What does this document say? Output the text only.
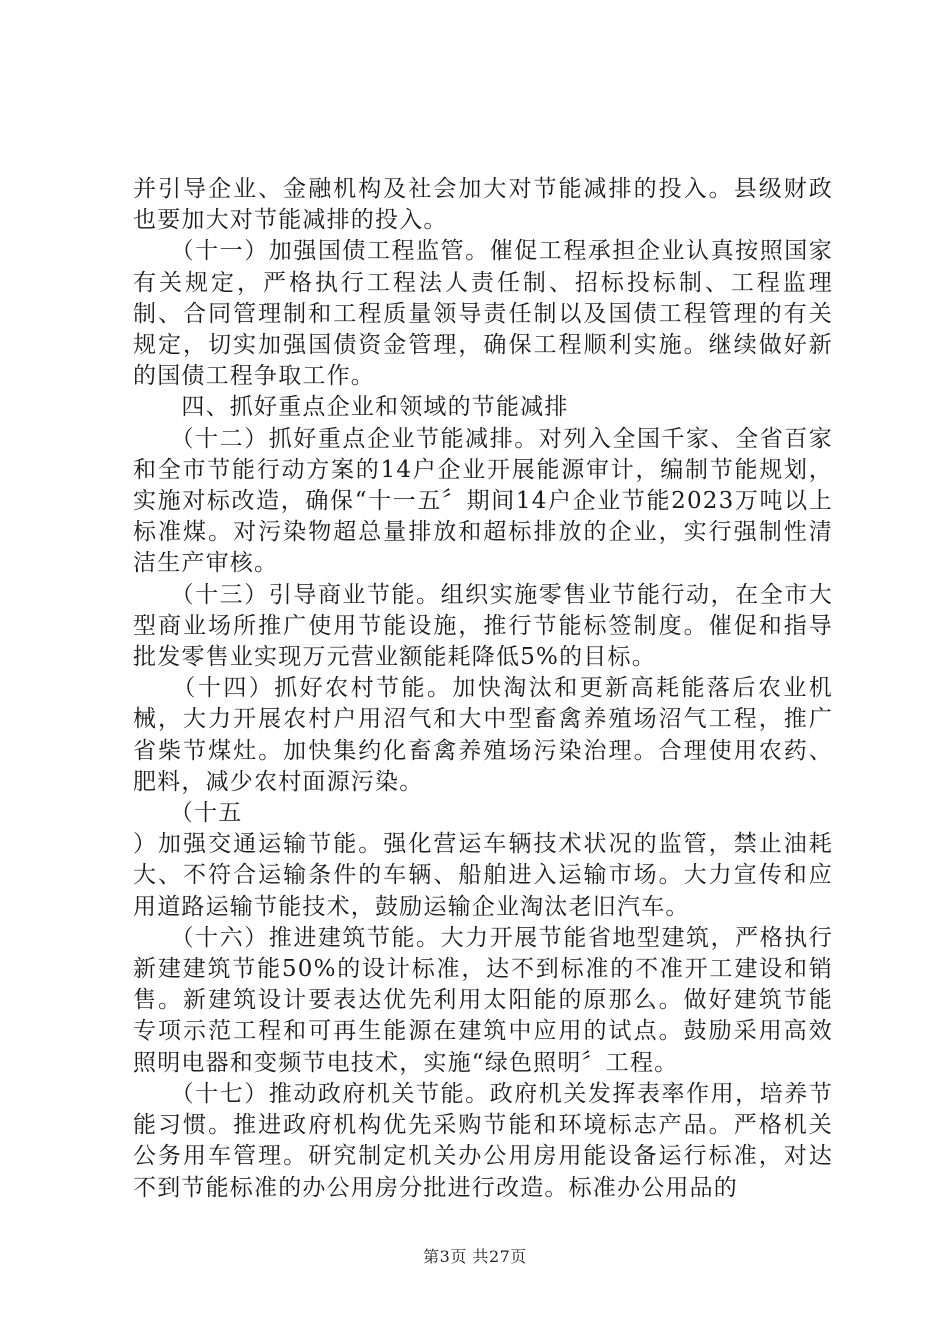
并引导企业、金融机构及社会加大对节能减排的投入。县级财政也要加大对节能减排的投入。

　　（十一）加强国债工程监管。催促工程承担企业认真按照国家有关规定，严格执行工程法人责任制、招标投标制、工程监理制、合同管理制和工程质量领导责任制以及国债工程管理的有关规定，切实加强国债资金管理，确保工程顺利实施。继续做好新的国债工程争取工作。

　　四、抓好重点企业和领域的节能减排

　　（十二）抓好重点企业节能减排。对列入全国千家、全省百家和全市节能行动方案的14户企业开展能源审计，编制节能规划，实施对标改造，确保“十一五〞期间14户企业节能2023万吨以上标准煤。对污染物超总量排放和超标排放的企业，实行强制性清洁生产审核。

　　（十三）引导商业节能。组织实施零售业节能行动，在全市大型商业场所推广使用节能设施，推行节能标签制度。催促和指导批发零售业实现万元营业额能耗降低5%的目标。

　　（十四）抓好农村节能。加快淘汰和更新高耗能落后农业机械，大力开展农村户用沼气和大中型畜禽养殖场沼气工程，推广省柴节煤灶。加快集约化畜禽养殖场污染治理。合理使用农药、肥料，减少农村面源污染。

　　（十五

）加强交通运输节能。强化营运车辆技术状况的监管，禁止油耗大、不符合运输条件的车辆、船舶进入运输市场。大力宣传和应用道路运输节能技术，鼓励运输企业淘汰老旧汽车。

　　（十六）推进建筑节能。大力开展节能省地型建筑，严格执行新建建筑节能50%的设计标准，达不到标准的不准开工建设和销售。新建筑设计要表达优先利用太阳能的原那么。做好建筑节能专项示范工程和可再生能源在建筑中应用的试点。鼓励采用高效照明电器和变频节电技术，实施“绿色照明〞工程。

　　（十七）推动政府机关节能。政府机关发挥表率作用，培养节能习惯。推进政府机构优先采购节能和环境标志产品。严格机关公务用车管理。研究制定机关办公用房用能设备运行标准，对达不到节能标准的办公用房分批进行改造。标准办公用品的

第3页 共27页
